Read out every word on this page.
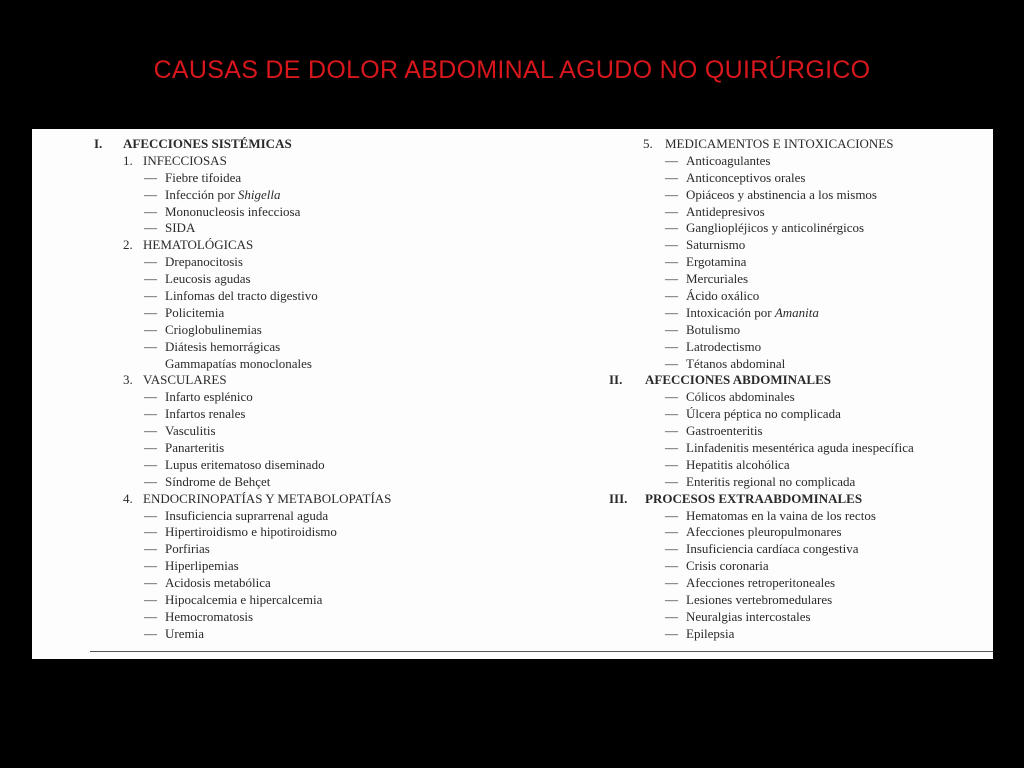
CAUSAS DE DOLOR ABDOMINAL AGUDO NO QUIRÚRGICO
I. AFECCIONES SISTÉMICAS
1. INFECCIOSAS
— Fiebre tifoidea
— Infección por Shigella
— Mononucleosis infecciosa
— SIDA
2. HEMATOLÓGICAS
— Drepanocitosis
— Leucosis agudas
— Linfomas del tracto digestivo
— Policitemia
— Crioglobulinemias
— Diátesis hemorrágicas
Gammapatías monoclonales
3. VASCULARES
— Infarto esplénico
— Infartos renales
— Vasculitis
— Panarteritis
— Lupus eritematoso diseminado
— Síndrome de Behçet
4. ENDOCRINOPATÍAS Y METABOLOPATÍAS
— Insuficiencia suprarrenal aguda
— Hipertiroidismo e hipotiroidismo
— Porfirias
— Hiperlipemias
— Acidosis metabólica
— Hipocalcemia e hipercalcemia
— Hemocromatosis
— Uremia
5. MEDICAMENTOS E INTOXICACIONES
— Anticoagulantes
— Anticonceptivos orales
— Opiáceos y abstinencia a los mismos
— Antidepresivos
— Gangliopléjicos y anticolinérgicos
— Saturnismo
— Ergotamina
— Mercuriales
— Ácido oxálico
— Intoxicación por Amanita
— Botulismo
— Latrodectismo
— Tétanos abdominal
II. AFECCIONES ABDOMINALES
— Cólicos abdominales
— Úlcera péptica no complicada
— Gastroenteritis
— Linfadenitis mesentérica aguda inespecífica
— Hepatitis alcohólica
— Enteritis regional no complicada
III. PROCESOS EXTRAABDOMINALES
— Hematomas en la vaina de los rectos
— Afecciones pleuropulmonares
— Insuficiencia cardíaca congestiva
— Crisis coronaria
— Afecciones retroperitoneales
— Lesiones vertebromedulares
— Neuralgias intercostales
— Epilepsia
